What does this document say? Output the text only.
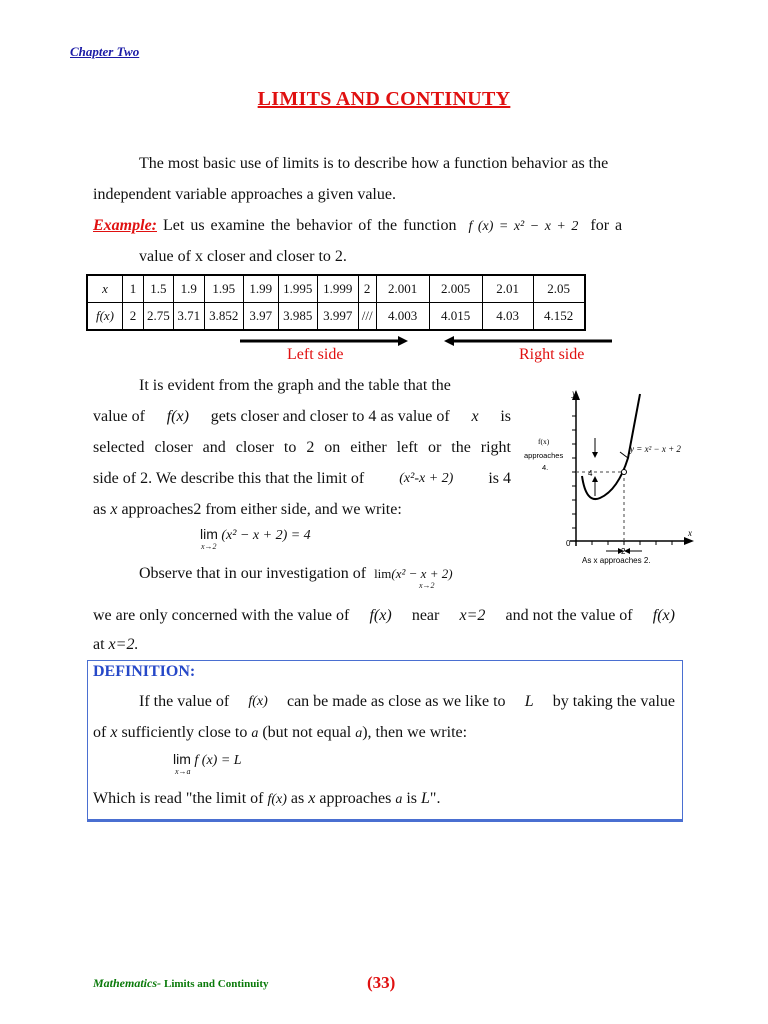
Chapter Two
LIMITS AND CONTINUTY
The most basic use of limits is to describe how a function behavior as the
independent variable approaches a given value.
Example: Let us examine the behavior of the function f (x) = x² − x + 2 for a
value of x closer and closer to 2.
x	1	1.5	1.9	1.95	1.99	1.995	1.999	2	2.001	2.005	2.01	2.05
f(x)	2	2.75	3.71	3.852	3.97	3.985	3.997	///	4.003	4.015	4.03	4.152
Left side	Right side
It is evident from the graph and the table that the
value of f(x) gets closer and closer to 4 as value of x is
selected closer and closer to 2 on either left or the right
side of 2. We describe this that the limit of	(x²-x + 2) is 4
as x approaches2 from either side, and we write:
lim (x² − x + 2) = 4
x→2
Observe that in our investigation of lim(x² − x + 2)
x→2
we are only concerned with the value of f(x) near x=2 and not the value of f(x)
at x=2.
y
x
0
4
2
f(x)
approaches
4.
y = x² − x + 2
As x approaches 2.
DEFINITION:
If the value of f(x) can be made as close as we like to L by taking the value
of x sufficiently close to a (but not equal a), then we write:
lim f (x) = L
x→a
Which is read "the limit of f(x) as x approaches a is L".
Mathematics- Limits and Continuity	(33)
